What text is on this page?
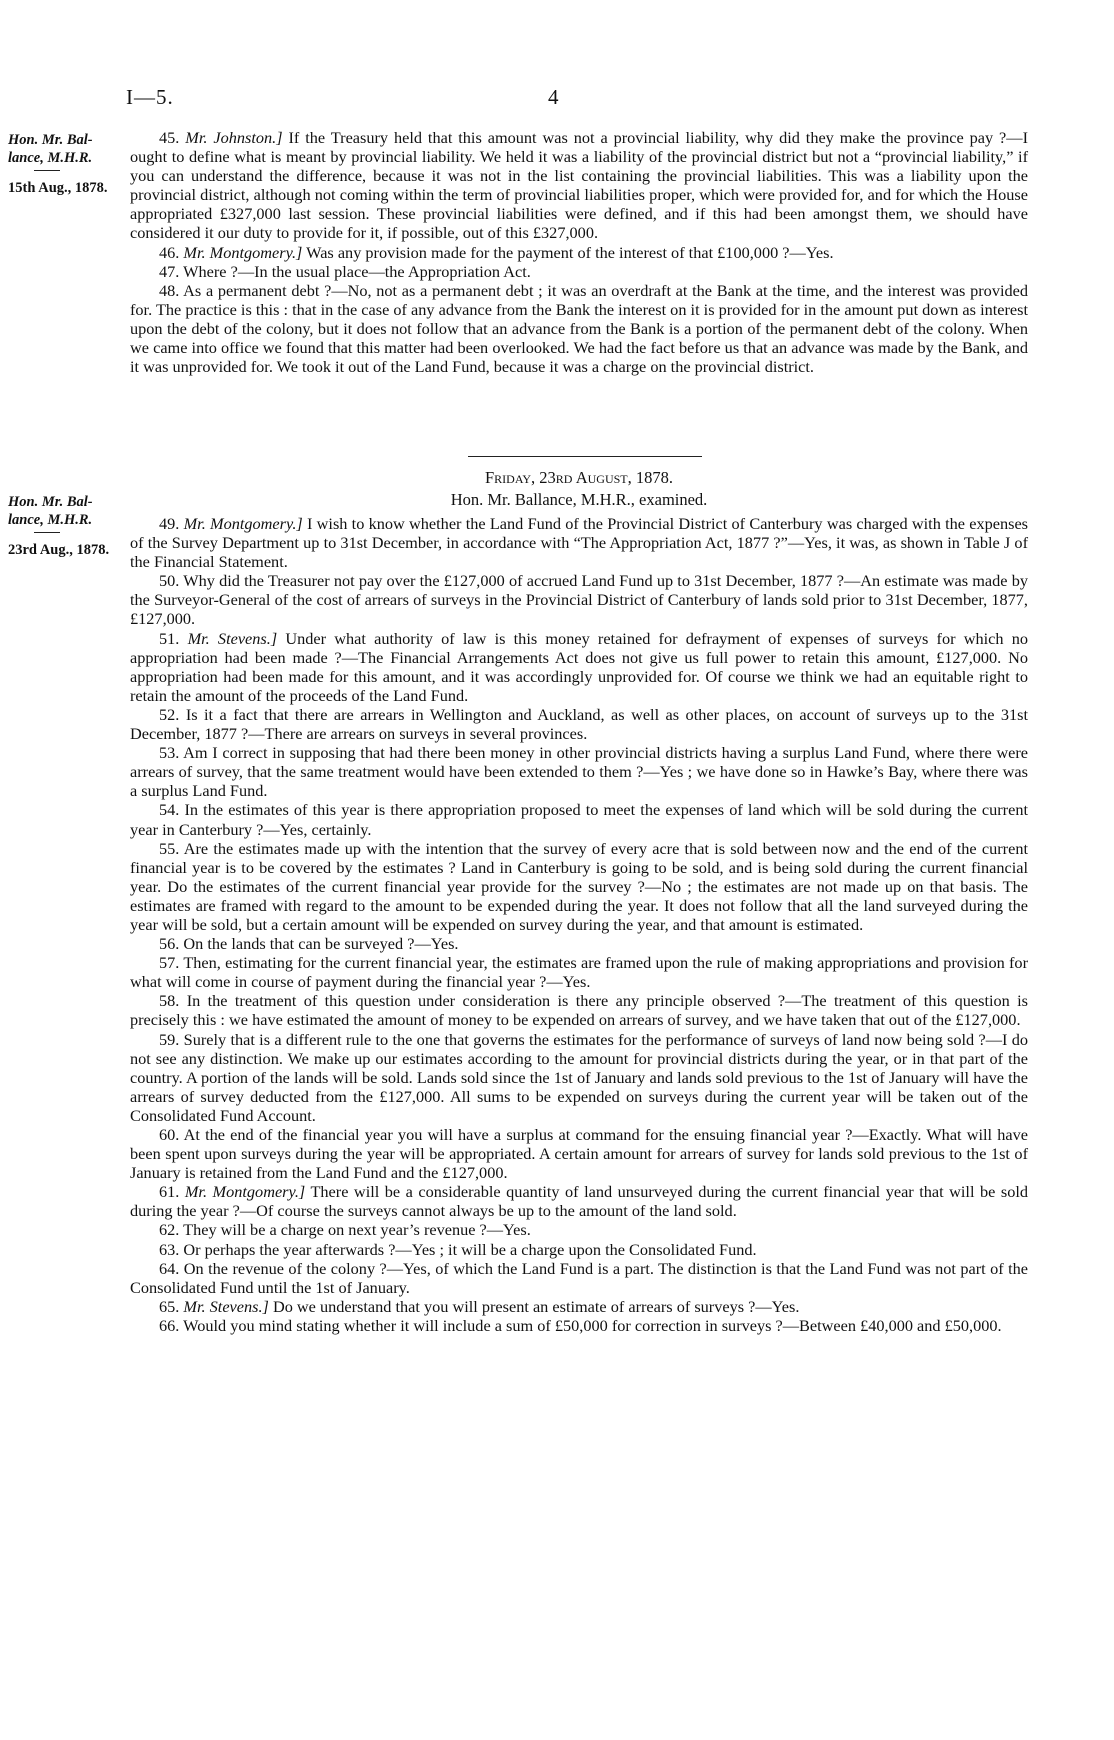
I—5.	4
Hon. Mr. Bal- lance, M.H.R.
15th Aug., 1878.

45. Mr. Johnston.] If the Treasury held that this amount was not a provincial liability, why did they make the province pay ?—I ought to define what is meant by provincial liability. We held it was a liability of the provincial district but not a “provincial liability,” if you can understand the difference, because it was not in the list containing the provincial liabilities. This was a liability upon the provincial district, although not coming within the term of provincial liabilities proper, which were provided for, and for which the House appropriated £327,000 last session. These provincial liabilities were defined, and if this had been amongst them, we should have considered it our duty to provide for it, if possible, out of this £327,000.

46. Mr. Montgomery.] Was any provision made for the payment of the interest of that £100,000 ?—Yes.

47. Where ?—In the usual place—the Appropriation Act.

48. As a permanent debt ?—No, not as a permanent debt ; it was an overdraft at the Bank at the time, and the interest was provided for. The practice is this : that in the case of any advance from the Bank the interest on it is provided for in the amount put down as interest upon the debt of the colony, but it does not follow that an advance from the Bank is a portion of the permanent debt of the colony. When we came into office we found that this matter had been overlooked. We had the fact before us that an advance was made by the Bank, and it was unprovided for. We took it out of the Land Fund, because it was a charge on the provincial district.

Friday, 23rd August, 1878.
Hon. Mr. Ballance, M.H.R., examined.
Hon. Mr. Bal- lance, M.H.R.
23rd Aug., 1878.

49. Mr. Montgomery.] I wish to know whether the Land Fund of the Provincial District of Canterbury was charged with the expenses of the Survey Department up to 31st December, in accordance with “The Appropriation Act, 1877 ?”—Yes, it was, as shown in Table J of the Financial Statement.

50. Why did the Treasurer not pay over the £127,000 of accrued Land Fund up to 31st December, 1877 ?—An estimate was made by the Surveyor-General of the cost of arrears of surveys in the Provincial District of Canterbury of lands sold prior to 31st December, 1877, £127,000.

51. Mr. Stevens.] Under what authority of law is this money retained for defrayment of expenses of surveys for which no appropriation had been made ?—The Financial Arrangements Act does not give us full power to retain this amount, £127,000. No appropriation had been made for this amount, and it was accordingly unprovided for. Of course we think we had an equitable right to retain the amount of the proceeds of the Land Fund.

52. Is it a fact that there are arrears in Wellington and Auckland, as well as other places, on account of surveys up to the 31st December, 1877 ?—There are arrears on surveys in several provinces.

53. Am I correct in supposing that had there been money in other provincial districts having a surplus Land Fund, where there were arrears of survey, that the same treatment would have been extended to them ?—Yes ; we have done so in Hawke’s Bay, where there was a surplus Land Fund.

54. In the estimates of this year is there appropriation proposed to meet the expenses of land which will be sold during the current year in Canterbury ?—Yes, certainly.

55. Are the estimates made up with the intention that the survey of every acre that is sold between now and the end of the current financial year is to be covered by the estimates ? Land in Canterbury is going to be sold, and is being sold during the current financial year. Do the estimates of the current financial year provide for the survey ?—No ; the estimates are not made up on that basis. The estimates are framed with regard to the amount to be expended during the year. It does not follow that all the land surveyed during the year will be sold, but a certain amount will be expended on survey during the year, and that amount is estimated.

56. On the lands that can be surveyed ?—Yes.

57. Then, estimating for the current financial year, the estimates are framed upon the rule of making appropriations and provision for what will come in course of payment during the financial year ?—Yes.

58. In the treatment of this question under consideration is there any principle observed ?—The treatment of this question is precisely this : we have estimated the amount of money to be expended on arrears of survey, and we have taken that out of the £127,000.

59. Surely that is a different rule to the one that governs the estimates for the performance of surveys of land now being sold ?—I do not see any distinction. We make up our estimates according to the amount for provincial districts during the year, or in that part of the country. A portion of the lands will be sold. Lands sold since the 1st of January and lands sold previous to the 1st of January will have the arrears of survey deducted from the £127,000. All sums to be expended on surveys during the current year will be taken out of the Consolidated Fund Account.

60. At the end of the financial year you will have a surplus at command for the ensuing financial year ?—Exactly. What will have been spent upon surveys during the year will be appropriated. A certain amount for arrears of survey for lands sold previous to the 1st of January is retained from the Land Fund and the £127,000.

61. Mr. Montgomery.] There will be a considerable quantity of land unsurveyed during the current financial year that will be sold during the year ?—Of course the surveys cannot always be up to the amount of the land sold.

62. They will be a charge on next year’s revenue ?—Yes.

63. Or perhaps the year afterwards ?—Yes ; it will be a charge upon the Consolidated Fund.

64. On the revenue of the colony ?—Yes, of which the Land Fund is a part. The distinction is that the Land Fund was not part of the Consolidated Fund until the 1st of January.

65. Mr. Stevens.] Do we understand that you will present an estimate of arrears of surveys ?—Yes.

66. Would you mind stating whether it will include a sum of £50,000 for correction in surveys ?—Between £40,000 and £50,000.
